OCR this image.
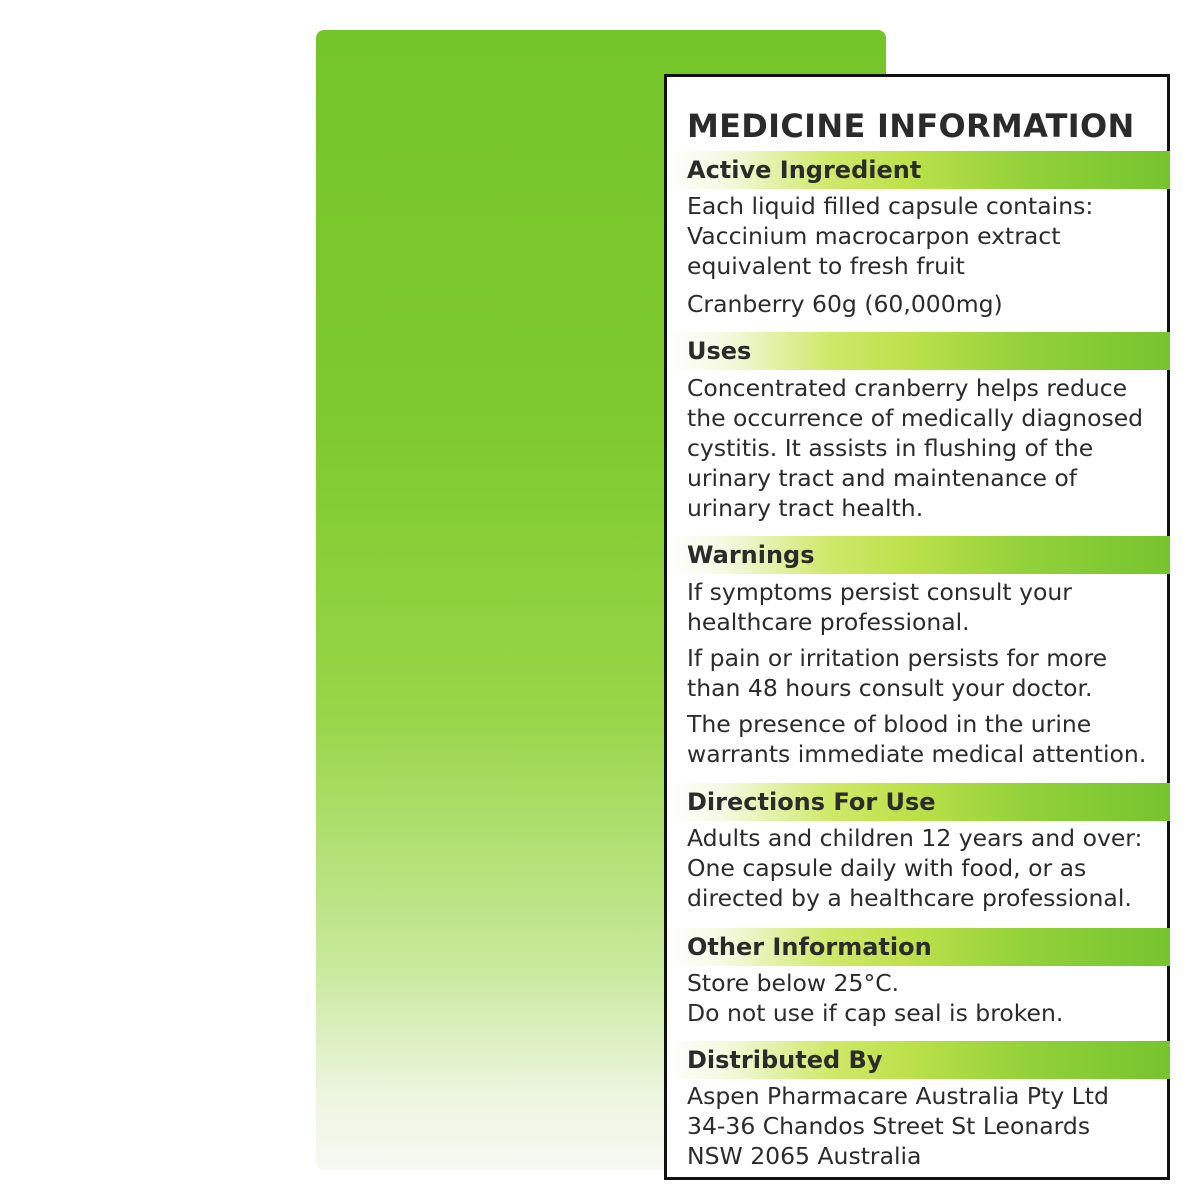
MEDICINE INFORMATION
Active Ingredient

Each liquid filled capsule contains:
Vaccinium macrocarpon extract
equivalent to fresh fruit

Cranberry 60g (60,000mg)

Uses

Concentrated cranberry helps reduce
the occurrence of medically diagnosed
cystitis. It assists in flushing of the
urinary tract and maintenance of
urinary tract health.

Warnings

If symptoms persist consult your
healthcare professional.

If pain or irritation persists for more
than 48 hours consult your doctor.

The presence of blood in the urine
warrants immediate medical attention.

Directions For Use

Adults and children 12 years and over:
One capsule daily with food, or as
directed by a healthcare professional.

Other Information

Store below 25°C.
Do not use if cap seal is broken.

Distributed By

Aspen Pharmacare Australia Pty Ltd
34-36 Chandos Street St Leonards
NSW 2065 Australia
